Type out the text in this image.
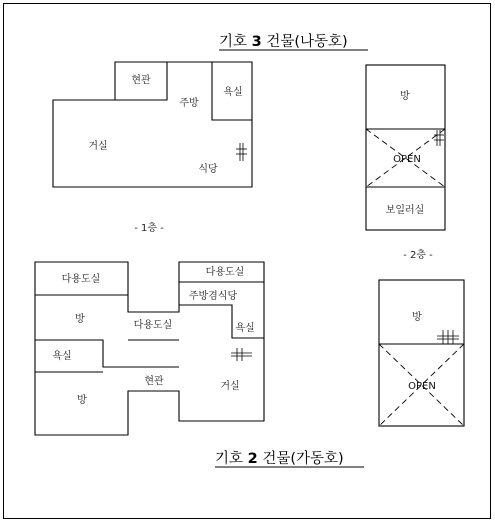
기호 3 건물(나동호)
현관
주방
욕실
거실
식당
- 1층 -
방
OPEN
보일러실
- 2층 -
다용도실
방
욕실
방
다용도실
현관
다용도실
주방겸식당
욕실
거실
방
OPEN
기호 2 건물(가동호)
